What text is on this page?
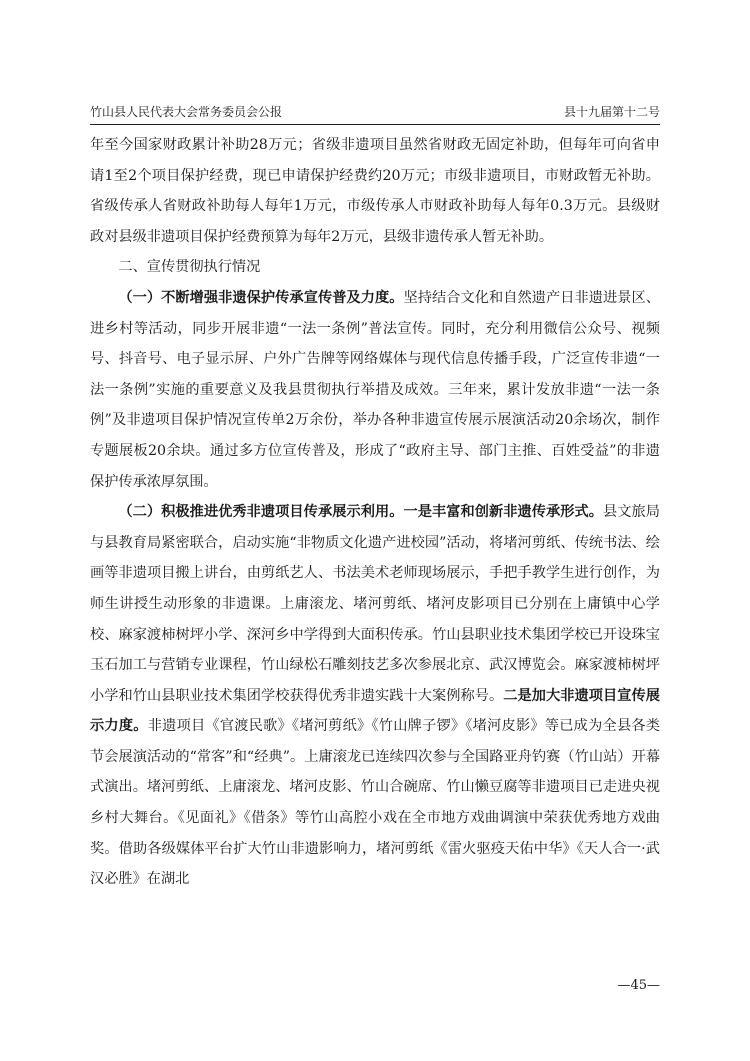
竹山县人民代表大会常务委员会公报	县十九届第十二号

年至今国家财政累计补助28万元；省级非遗项目虽然省财政无固定补助，但每年可向省申请1至2个项目保护经费，现已申请保护经费约20万元；市级非遗项目，市财政暂无补助。省级传承人省财政补助每人每年1万元，市级传承人市财政补助每人每年0.3万元。县级财政对县级非遗项目保护经费预算为每年2万元，县级非遗传承人暂无补助。

二、宣传贯彻执行情况

（一）不断增强非遗保护传承宣传普及力度。坚持结合文化和自然遗产日非遗进景区、进乡村等活动，同步开展非遗“一法一条例”普法宣传。同时，充分利用微信公众号、视频号、抖音号、电子显示屏、户外广告牌等网络媒体与现代信息传播手段，广泛宣传非遗“一法一条例”实施的重要意义及我县贯彻执行举措及成效。三年来，累计发放非遗“一法一条例”及非遗项目保护情况宣传单2万余份，举办各种非遗宣传展示展演活动20余场次，制作专题展板20余块。通过多方位宣传普及，形成了“政府主导、部门主推、百姓受益”的非遗保护传承浓厚氛围。

（二）积极推进优秀非遗项目传承展示利用。一是丰富和创新非遗传承形式。县文旅局与县教育局紧密联合，启动实施“非物质文化遗产进校园”活动，将堵河剪纸、传统书法、绘画等非遗项目搬上讲台，由剪纸艺人、书法美术老师现场展示，手把手教学生进行创作，为师生讲授生动形象的非遗课。上庸滚龙、堵河剪纸、堵河皮影项目已分别在上庸镇中心学校、麻家渡柿树坪小学、深河乡中学得到大面积传承。竹山县职业技术集团学校已开设珠宝玉石加工与营销专业课程，竹山绿松石雕刻技艺多次参展北京、武汉博览会。麻家渡柿树坪小学和竹山县职业技术集团学校获得优秀非遗实践十大案例称号。二是加大非遗项目宣传展示力度。非遗项目《官渡民歌》《堵河剪纸》《竹山牌子锣》《堵河皮影》等已成为全县各类节会展演活动的“常客”和“经典”。上庸滚龙已连续四次参与全国路亚舟钓赛（竹山站）开幕式演出。堵河剪纸、上庸滚龙、堵河皮影、竹山合碗席、竹山懒豆腐等非遗项目已走进央视乡村大舞台。《见面礼》《借条》等竹山高腔小戏在全市地方戏曲调演中荣获优秀地方戏曲奖。借助各级媒体平台扩大竹山非遗影响力，堵河剪纸《雷火驱疫天佑中华》《天人合一·武汉必胜》在湖北

—45—
